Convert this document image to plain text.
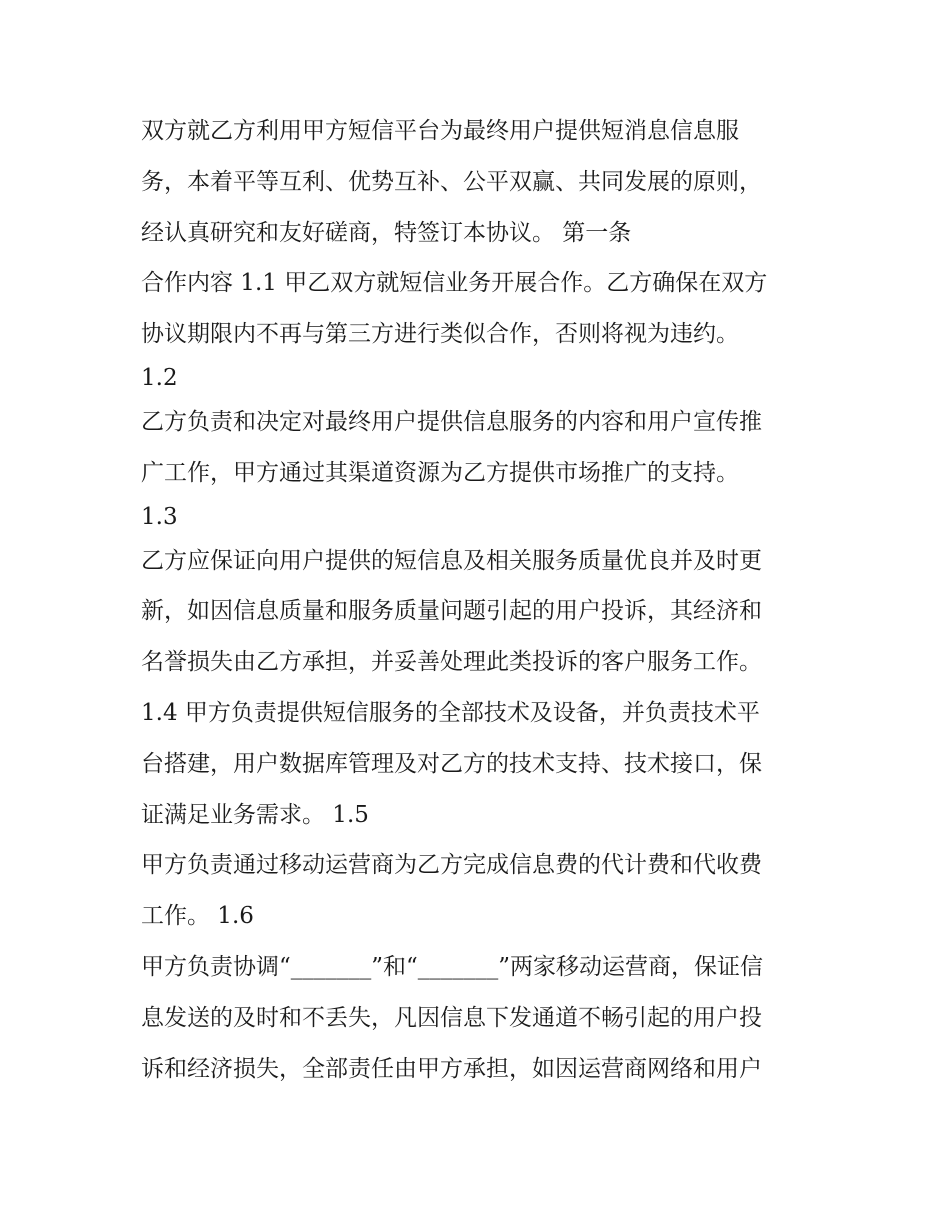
双方就乙方利用甲方短信平台为最终用户提供短消息信息服
务，本着平等互利、优势互补、公平双赢、共同发展的原则，
经认真研究和友好磋商，特签订本协议。 第一条
合作内容 1.1 甲乙双方就短信业务开展合作。乙方确保在双方
协议期限内不再与第三方进行类似合作，否则将视为违约。
1.2
乙方负责和决定对最终用户提供信息服务的内容和用户宣传推
广工作，甲方通过其渠道资源为乙方提供市场推广的支持。
1.3
乙方应保证向用户提供的短信息及相关服务质量优良并及时更
新，如因信息质量和服务质量问题引起的用户投诉，其经济和
名誉损失由乙方承担，并妥善处理此类投诉的客户服务工作。
1.4 甲方负责提供短信服务的全部技术及设备，并负责技术平
台搭建，用户数据库管理及对乙方的技术支持、技术接口，保
证满足业务需求。 1.5
甲方负责通过移动运营商为乙方完成信息费的代计费和代收费
工作。 1.6
甲方负责协调“_______”和“_______”两家移动运营商，保证信
息发送的及时和不丢失，凡因信息下发通道不畅引起的用户投
诉和经济损失，全部责任由甲方承担，如因运营商网络和用户
